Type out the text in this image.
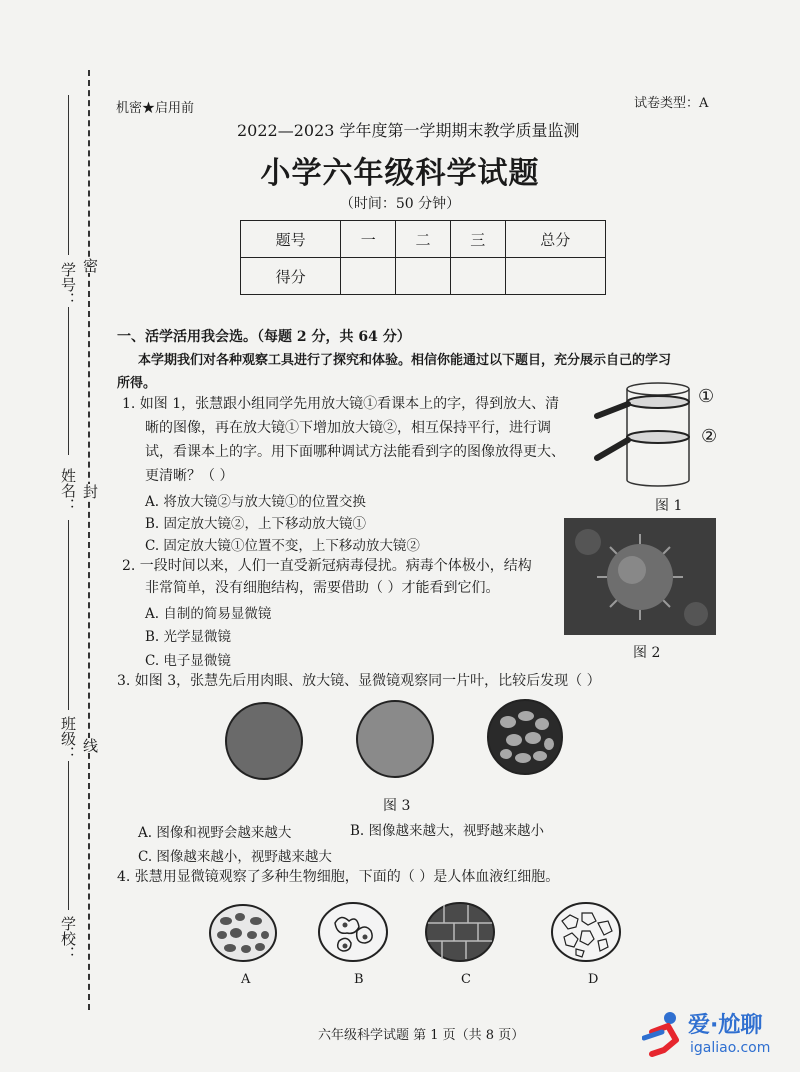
学号：
姓名：
班级：
学校：
密
封
线
机密★启用前	试卷类型：A
2022—2023 学年度第一学期期末教学质量监测
小学六年级科学试题
（时间：50 分钟）
题号	一	二	三	总分
得分				
一、活学活用我会选。（每题 2 分，共 64 分）
本学期我们对各种观察工具进行了探究和体验。相信你能通过以下题目，充分展示自己的学习
所得。
1. 如图 1，张慧跟小组同学先用放大镜①看课本上的字，得到放大、清
晰的图像，再在放大镜①下增加放大镜②，相互保持平行，进行调
试，看课本上的字。用下面哪种调试方法能看到字的图像放得更大、
更清晰？（ ）
A. 将放大镜②与放大镜①的位置交换
B. 固定放大镜②，上下移动放大镜①
C. 固定放大镜①位置不变，上下移动放大镜②
①
②
图 1
2. 一段时间以来，人们一直受新冠病毒侵扰。病毒个体极小，结构
非常简单，没有细胞结构，需要借助（ ）才能看到它们。
A. 自制的简易显微镜
B. 光学显微镜
C. 电子显微镜	图 2
3. 如图 3，张慧先后用肉眼、放大镜、显微镜观察同一片叶，比较后发现（ ）
图 3
A. 图像和视野会越来越大	B. 图像越来越大，视野越来越小
C. 图像越来越小，视野越来越大
4. 张慧用显微镜观察了多种生物细胞，下面的（ ）是人体血液红细胞。
A	B	C	D
六年级科学试题 第 1 页（共 8 页）	爱·尬聊
igaliao.com
